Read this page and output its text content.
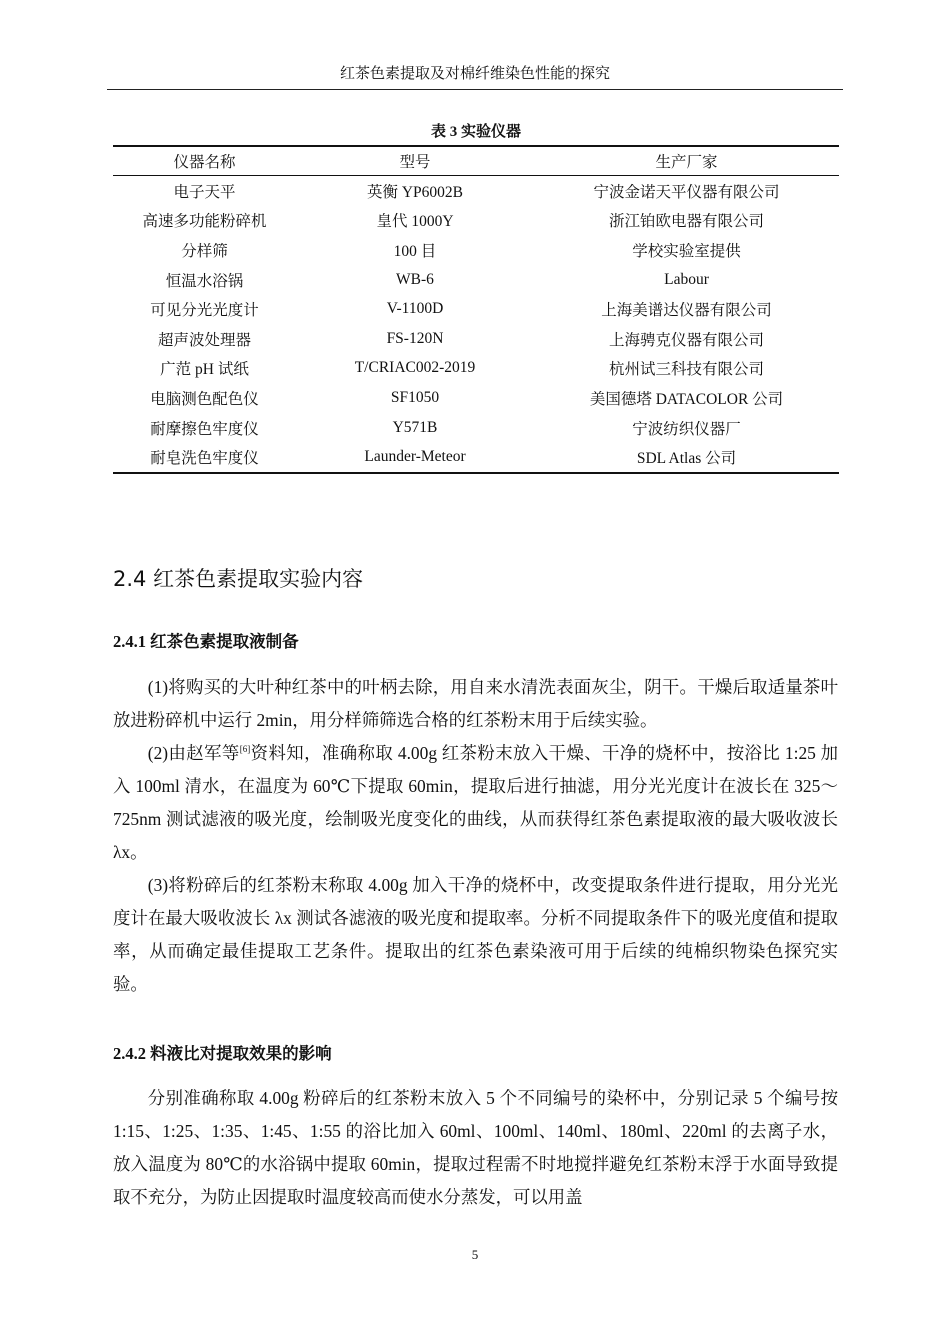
红茶色素提取及对棉纤维染色性能的探究
表 3 实验仪器
仪器名称	型号	生产厂家
电子天平	英衡 YP6002B	宁波金诺天平仪器有限公司
高速多功能粉碎机	皇代 1000Y	浙江铂欧电器有限公司
分样筛	100 目	学校实验室提供
恒温水浴锅	WB-6	Labour
可见分光光度计	V-1100D	上海美谱达仪器有限公司
超声波处理器	FS-120N	上海骋克仪器有限公司
广范 pH 试纸	T/CRIAC002-2019	杭州试三科技有限公司
电脑测色配色仪	SF1050	美国德塔 DATACOLOR 公司
耐摩擦色牢度仪	Y571B	宁波纺织仪器厂
耐皂洗色牢度仪	Launder-Meteor	SDL Atlas 公司
2.4 红茶色素提取实验内容
2.4.1 红茶色素提取液制备

(1)将购买的大叶种红茶中的叶柄去除，用自来水清洗表面灰尘，阴干。干燥后取适量茶叶放进粉碎机中运行 2min，用分样筛筛选合格的红茶粉末用于后续实验。

(2)由赵军等[6]资料知，准确称取 4.00g 红茶粉末放入干燥、干净的烧杯中，按浴比 1:25 加入 100ml 清水，在温度为 60℃下提取 60min，提取后进行抽滤，用分光光度计在波长在 325～725nm 测试滤液的吸光度，绘制吸光度变化的曲线，从而获得红茶色素提取液的最大吸收波长 λx。

(3)将粉碎后的红茶粉末称取 4.00g 加入干净的烧杯中，改变提取条件进行提取，用分光光度计在最大吸收波长 λx 测试各滤液的吸光度和提取率。分析不同提取条件下的吸光度值和提取率，从而确定最佳提取工艺条件。提取出的红茶色素染液可用于后续的纯棉织物染色探究实验。

2.4.2 料液比对提取效果的影响

分别准确称取 4.00g 粉碎后的红茶粉末放入 5 个不同编号的染杯中，分别记录 5 个编号按 1:15、1:25、1:35、1:45、1:55 的浴比加入 60ml、100ml、140ml、180ml、220ml 的去离子水，放入温度为 80℃的水浴锅中提取 60min，提取过程需不时地搅拌避免红茶粉末浮于水面导致提取不充分，为防止因提取时温度较高而使水分蒸发，可以用盖

5
